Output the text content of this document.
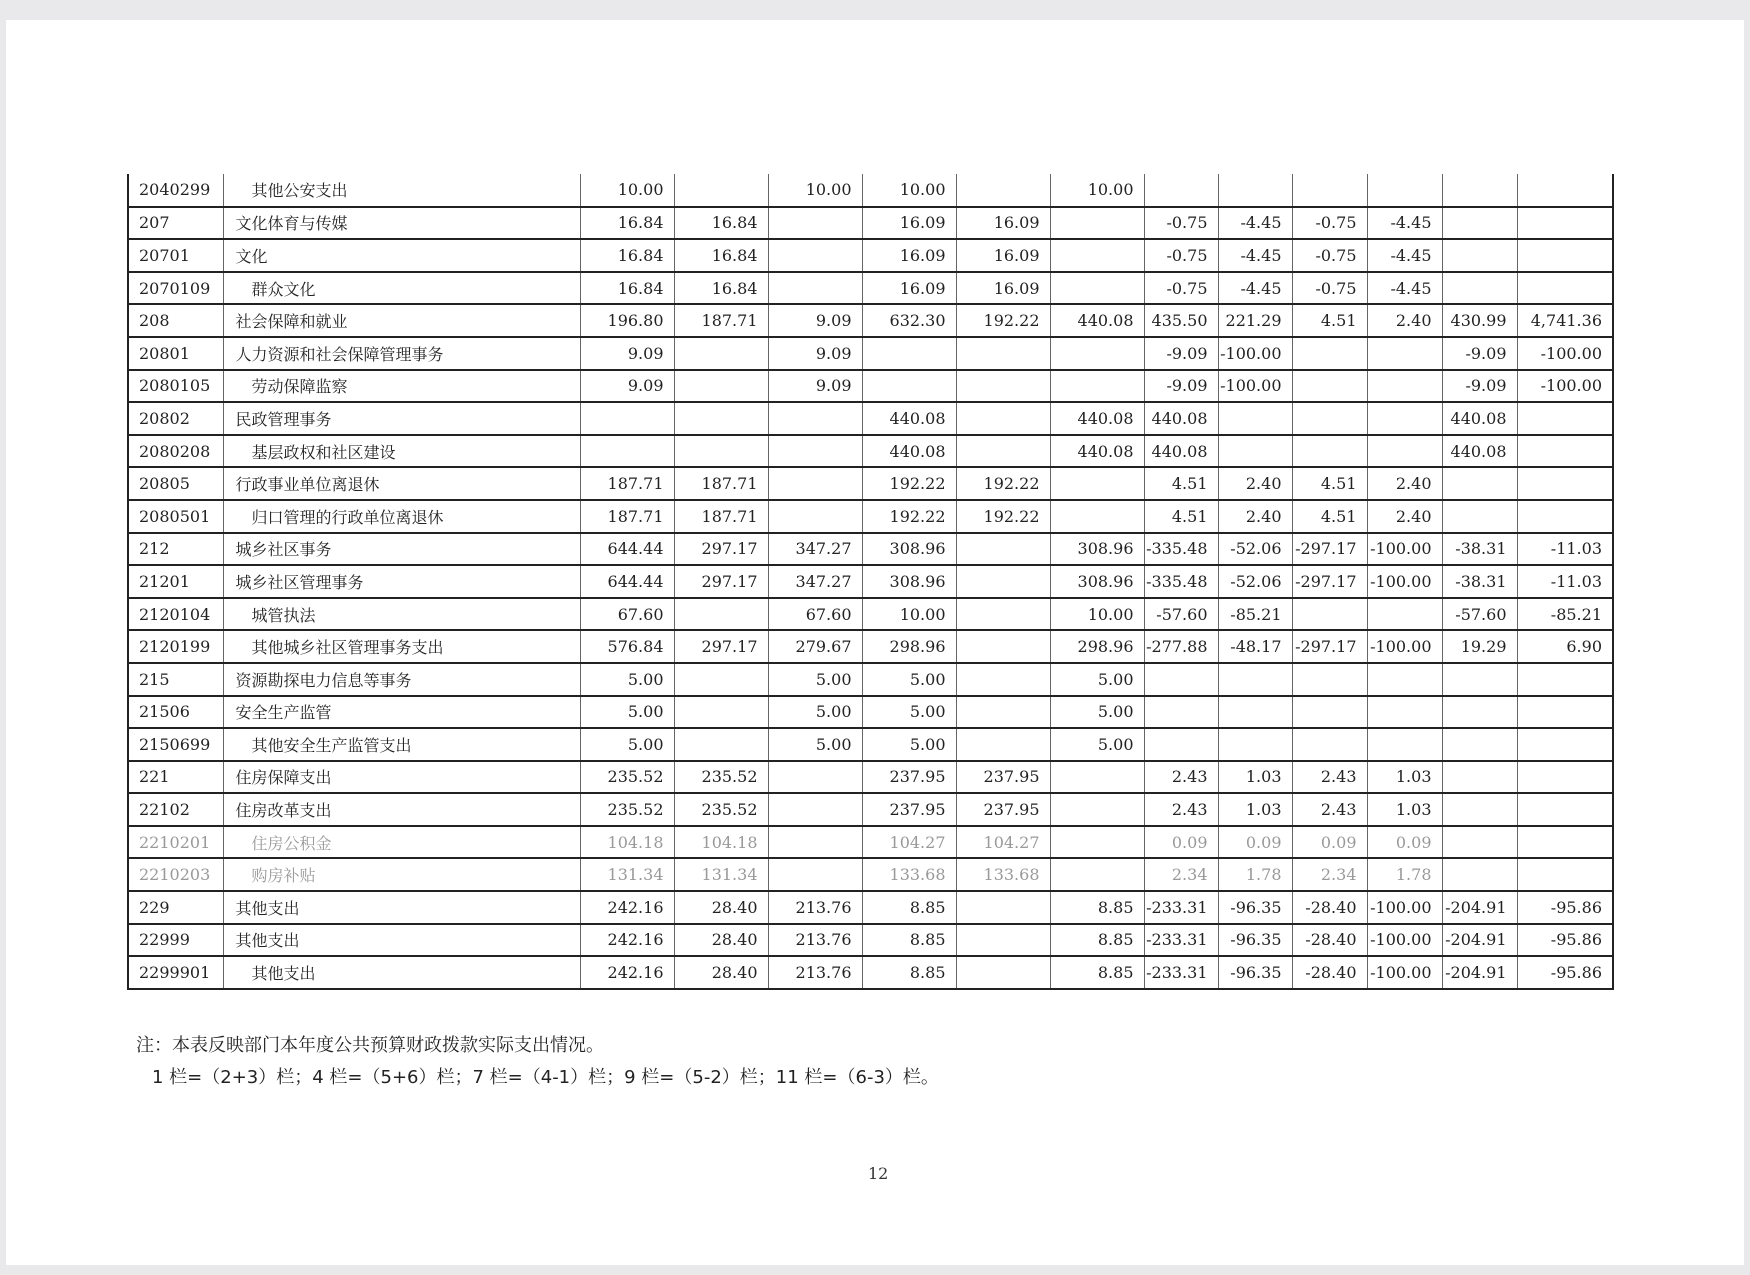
2040299	其他公安支出	10.00		10.00	10.00		10.00						
207	文化体育与传媒	16.84	16.84		16.09	16.09		-0.75	-4.45	-0.75	-4.45		
20701	文化	16.84	16.84		16.09	16.09		-0.75	-4.45	-0.75	-4.45		
2070109	群众文化	16.84	16.84		16.09	16.09		-0.75	-4.45	-0.75	-4.45		
208	社会保障和就业	196.80	187.71	9.09	632.30	192.22	440.08	435.50	221.29	4.51	2.40	430.99	4,741.36
20801	人力资源和社会保障管理事务	9.09		9.09				-9.09	-100.00			-9.09	-100.00
2080105	劳动保障监察	9.09		9.09				-9.09	-100.00			-9.09	-100.00
20802	民政管理事务				440.08		440.08	440.08				440.08	
2080208	基层政权和社区建设				440.08		440.08	440.08				440.08	
20805	行政事业单位离退休	187.71	187.71		192.22	192.22		4.51	2.40	4.51	2.40		
2080501	归口管理的行政单位离退休	187.71	187.71		192.22	192.22		4.51	2.40	4.51	2.40		
212	城乡社区事务	644.44	297.17	347.27	308.96		308.96	-335.48	-52.06	-297.17	-100.00	-38.31	-11.03
21201	城乡社区管理事务	644.44	297.17	347.27	308.96		308.96	-335.48	-52.06	-297.17	-100.00	-38.31	-11.03
2120104	城管执法	67.60		67.60	10.00		10.00	-57.60	-85.21			-57.60	-85.21
2120199	其他城乡社区管理事务支出	576.84	297.17	279.67	298.96		298.96	-277.88	-48.17	-297.17	-100.00	19.29	6.90
215	资源勘探电力信息等事务	5.00		5.00	5.00		5.00						
21506	安全生产监管	5.00		5.00	5.00		5.00						
2150699	其他安全生产监管支出	5.00		5.00	5.00		5.00						
221	住房保障支出	235.52	235.52		237.95	237.95		2.43	1.03	2.43	1.03		
22102	住房改革支出	235.52	235.52		237.95	237.95		2.43	1.03	2.43	1.03		
2210201	住房公积金	104.18	104.18		104.27	104.27		0.09	0.09	0.09	0.09		
2210203	购房补贴	131.34	131.34		133.68	133.68		2.34	1.78	2.34	1.78		
229	其他支出	242.16	28.40	213.76	8.85		8.85	-233.31	-96.35	-28.40	-100.00	-204.91	-95.86
22999	其他支出	242.16	28.40	213.76	8.85		8.85	-233.31	-96.35	-28.40	-100.00	-204.91	-95.86
2299901	其他支出	242.16	28.40	213.76	8.85		8.85	-233.31	-96.35	-28.40	-100.00	-204.91	-95.86
注：本表反映部门本年度公共预算财政拨款实际支出情况。
1 栏=（2+3）栏；4 栏=（5+6）栏；7 栏=（4-1）栏；9 栏=（5-2）栏；11 栏=（6-3）栏。
12
